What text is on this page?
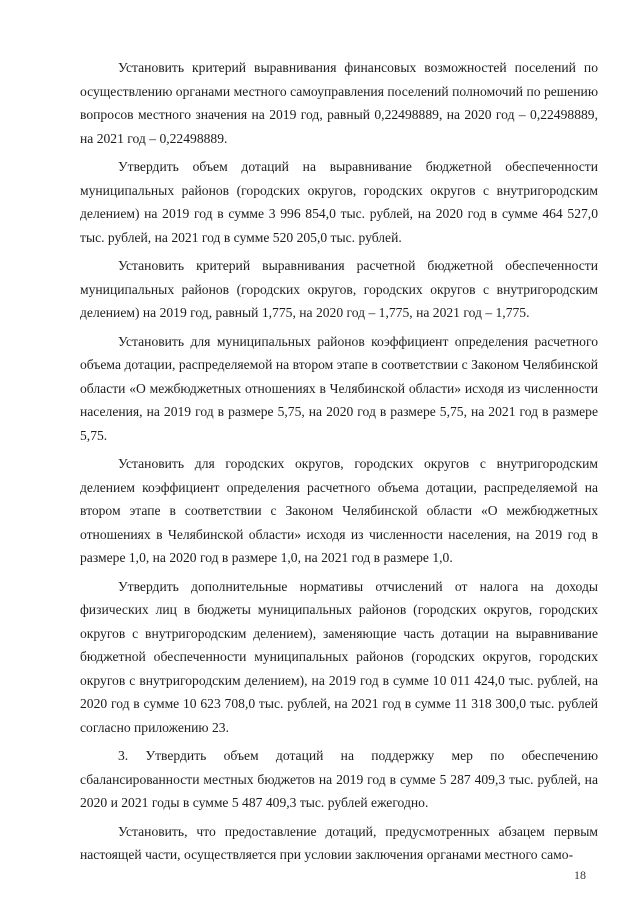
Установить критерий выравнивания финансовых возможностей поселений по осуществлению органами местного самоуправления поселений полномочий по решению вопросов местного значения на 2019 год, равный 0,22498889, на 2020 год – 0,22498889, на 2021 год – 0,22498889.

Утвердить объем дотаций на выравнивание бюджетной обеспеченности муниципальных районов (городских округов, городских округов с внутригородским делением) на 2019 год в сумме 3 996 854,0 тыс. рублей, на 2020 год в сумме 464 527,0 тыс. рублей, на 2021 год в сумме 520 205,0 тыс. рублей.

Установить критерий выравнивания расчетной бюджетной обеспеченности муниципальных районов (городских округов, городских округов с внутригородским делением) на 2019 год, равный 1,775, на 2020 год – 1,775, на 2021 год – 1,775.

Установить для муниципальных районов коэффициент определения расчетного объема дотации, распределяемой на втором этапе в соответствии с Законом Челябинской области «О межбюджетных отношениях в Челябинской области» исходя из численности населения, на 2019 год в размере 5,75, на 2020 год в размере 5,75, на 2021 год в размере 5,75.

Установить для городских округов, городских округов с внутригородским делением коэффициент определения расчетного объема дотации, распределяемой на втором этапе в соответствии с Законом Челябинской области «О межбюджетных отношениях в Челябинской области» исходя из численности населения, на 2019 год в размере 1,0, на 2020 год в размере 1,0, на 2021 год в размере 1,0.

Утвердить дополнительные нормативы отчислений от налога на доходы физических лиц в бюджеты муниципальных районов (городских округов, городских округов с внутригородским делением), заменяющие часть дотации на выравнивание бюджетной обеспеченности муниципальных районов (городских округов, городских округов с внутригородским делением), на 2019 год в сумме 10 011 424,0 тыс. рублей, на 2020 год в сумме 10 623 708,0 тыс. рублей, на 2021 год в сумме 11 318 300,0 тыс. рублей согласно приложению 23.

3. Утвердить объем дотаций на поддержку мер по обеспечению сбалансированности местных бюджетов на 2019 год в сумме 5 287 409,3 тыс. рублей, на 2020 и 2021 годы в сумме 5 487 409,3 тыс. рублей ежегодно.

Установить, что предоставление дотаций, предусмотренных абзацем первым настоящей части, осуществляется при условии заключения органами местного само-

18
